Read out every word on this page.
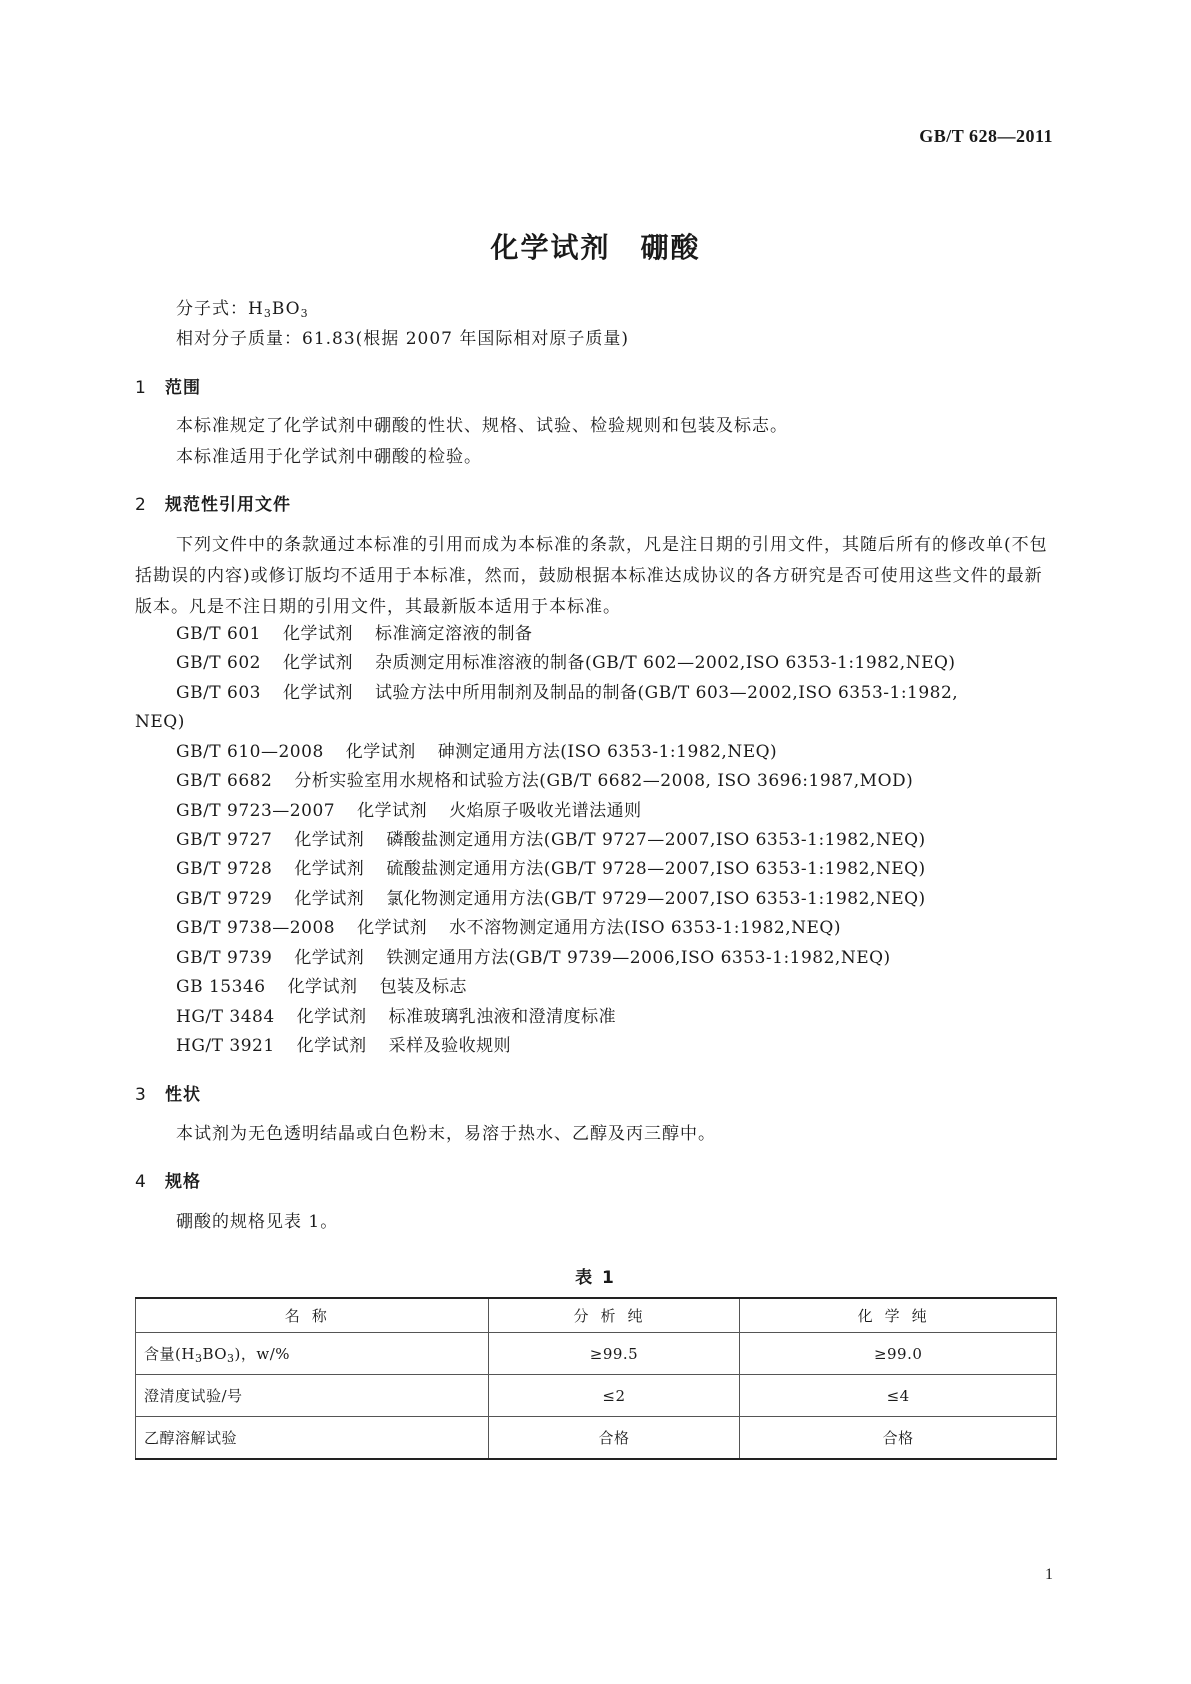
GB/T 628—2011
化学试剂　硼酸
分子式：$H_3BO_3$
相对分子质量：61.83(根据 2007 年国际相对原子质量)
1 范围
本标准规定了化学试剂中硼酸的性状、规格、试验、检验规则和包装及标志。
本标准适用于化学试剂中硼酸的检验。
2 规范性引用文件
下列文件中的条款通过本标准的引用而成为本标准的条款，凡是注日期的引用文件，其随后所有的修改单(不包括勘误的内容)或修订版均不适用于本标准，然而，鼓励根据本标准达成协议的各方研究是否可使用这些文件的最新版本。凡是不注日期的引用文件，其最新版本适用于本标准。
GB/T 601 化学试剂 标准滴定溶液的制备
GB/T 602 化学试剂 杂质测定用标准溶液的制备(GB/T 602—2002,ISO 6353-1:1982,NEQ)
GB/T 603 化学试剂 试验方法中所用制剂及制品的制备(GB/T 603—2002,ISO 6353-1:1982,
NEQ)
GB/T 610—2008 化学试剂 砷测定通用方法(ISO 6353-1:1982,NEQ)
GB/T 6682 分析实验室用水规格和试验方法(GB/T 6682—2008, ISO 3696:1987,MOD)
GB/T 9723—2007 化学试剂 火焰原子吸收光谱法通则
GB/T 9727 化学试剂 磷酸盐测定通用方法(GB/T 9727—2007,ISO 6353-1:1982,NEQ)
GB/T 9728 化学试剂 硫酸盐测定通用方法(GB/T 9728—2007,ISO 6353-1:1982,NEQ)
GB/T 9729 化学试剂 氯化物测定通用方法(GB/T 9729—2007,ISO 6353-1:1982,NEQ)
GB/T 9738—2008 化学试剂 水不溶物测定通用方法(ISO 6353-1:1982,NEQ)
GB/T 9739 化学试剂 铁测定通用方法(GB/T 9739—2006,ISO 6353-1:1982,NEQ)
GB 15346 化学试剂 包装及标志
HG/T 3484 化学试剂 标准玻璃乳浊液和澄清度标准
HG/T 3921 化学试剂 采样及验收规则
3 性状
本试剂为无色透明结晶或白色粉末，易溶于热水、乙醇及丙三醇中。
4 规格
硼酸的规格见表 1。
表 1
名称	分析纯	化学纯
含量$(H_3BO_3)$，w/%	≥99.5	≥99.0
澄清度试验/号	≤2	≤4
乙醇溶解试验	合格	合格
1
